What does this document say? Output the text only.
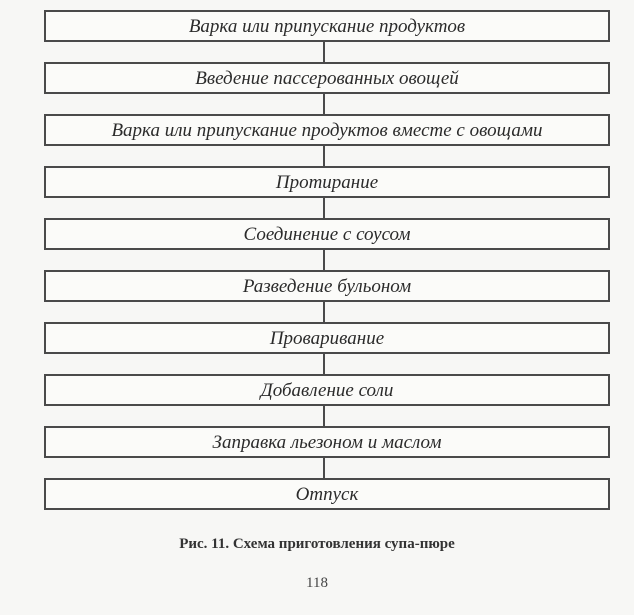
Варка или припускание продуктов
Введение пассерованных овощей
Варка или припускание продуктов вместе с овощами
Протирание
Соединение с соусом
Разведение бульоном
Проваривание
Добавление соли
Заправка льезоном и маслом
Отпуск
Рис. 11. Схема приготовления супа-пюре
118
